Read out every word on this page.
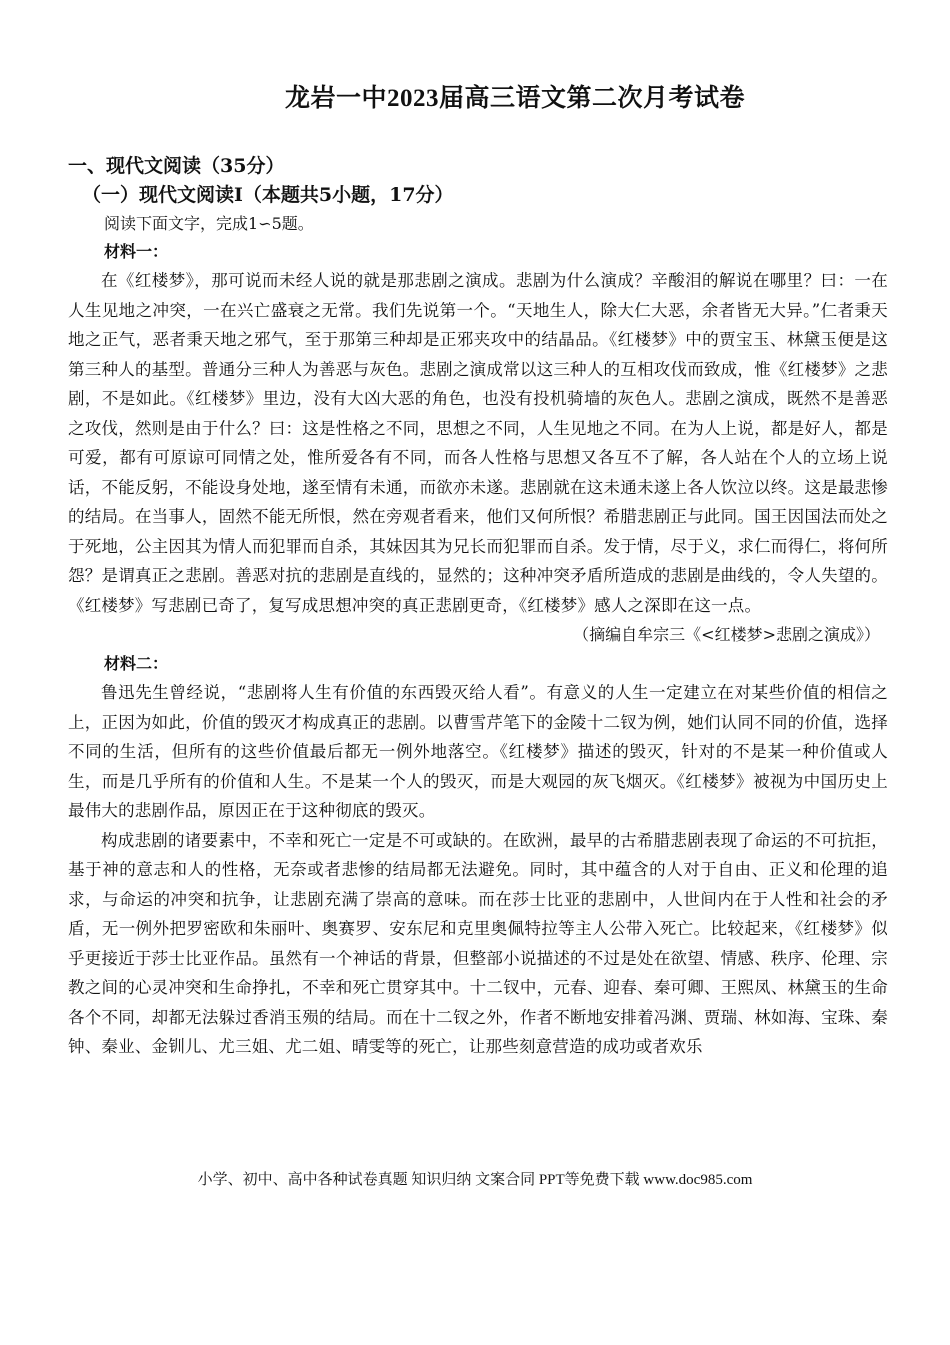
龙岩一中2023届高三语文第二次月考试卷
一、现代文阅读（35分）
（一）现代文阅读I（本题共5小题，17分）
阅读下面文字，完成1∽5题。
材料一：

在《红楼梦》，那可说而未经人说的就是那悲剧之演成。悲剧为什么演成？辛酸泪的解说在哪里？曰：一在人生见地之冲突，一在兴亡盛衰之无常。我们先说第一个。“天地生人，除大仁大恶，余者皆无大异。”仁者秉天地之正气，恶者秉天地之邪气，至于那第三种却是正邪夹攻中的结晶品。《红楼梦》中的贾宝玉、林黛玉便是这第三种人的基型。普通分三种人为善恶与灰色。悲剧之演成常以这三种人的互相攻伐而致成，惟《红楼梦》之悲剧，不是如此。《红楼梦》里边，没有大凶大恶的角色，也没有投机骑墙的灰色人。悲剧之演成，既然不是善恶之攻伐，然则是由于什么？曰：这是性格之不同，思想之不同，人生见地之不同。在为人上说，都是好人，都是可爱，都有可原谅可同情之处，惟所爱各有不同，而各人性格与思想又各互不了解，各人站在个人的立场上说话，不能反躬，不能设身处地，遂至情有未通，而欲亦未遂。悲剧就在这未通未遂上各人饮泣以终。这是最悲惨的结局。在当事人，固然不能无所恨，然在旁观者看来，他们又何所恨？希腊悲剧正与此同。国王因国法而处之于死地，公主因其为情人而犯罪而自杀，其妹因其为兄长而犯罪而自杀。发于情，尽于义，求仁而得仁，将何所怨？是谓真正之悲剧。善恶对抗的悲剧是直线的，显然的；这种冲突矛盾所造成的悲剧是曲线的，令人失望的。《红楼梦》写悲剧已奇了，复写成思想冲突的真正悲剧更奇，《红楼梦》感人之深即在这一点。

（摘编自牟宗三《<红楼梦>悲剧之演成》）
材料二：

鲁迅先生曾经说，“悲剧将人生有价值的东西毁灭给人看”。有意义的人生一定建立在对某些价值的相信之上，正因为如此，价值的毁灭才构成真正的悲剧。以曹雪芹笔下的金陵十二钗为例，她们认同不同的价值，选择不同的生活，但所有的这些价值最后都无一例外地落空。《红楼梦》描述的毁灭，针对的不是某一种价值或人生，而是几乎所有的价值和人生。不是某一个人的毁灭，而是大观园的灰飞烟灭。《红楼梦》被视为中国历史上最伟大的悲剧作品，原因正在于这种彻底的毁灭。

构成悲剧的诸要素中，不幸和死亡一定是不可或缺的。在欧洲，最早的古希腊悲剧表现了命运的不可抗拒，基于神的意志和人的性格，无奈或者悲惨的结局都无法避免。同时，其中蕴含的人对于自由、正义和伦理的追求，与命运的冲突和抗争，让悲剧充满了崇高的意味。而在莎士比亚的悲剧中，人世间内在于人性和社会的矛盾，无一例外把罗密欧和朱丽叶、奥赛罗、安东尼和克里奥佩特拉等主人公带入死亡。比较起来，《红楼梦》似乎更接近于莎士比亚作品。虽然有一个神话的背景，但整部小说描述的不过是处在欲望、情感、秩序、伦理、宗教之间的心灵冲突和生命挣扎，不幸和死亡贯穿其中。十二钗中，元春、迎春、秦可卿、王熙凤、林黛玉的生命各个不同，却都无法躲过香消玉殒的结局。而在十二钗之外，作者不断地安排着冯渊、贾瑞、林如海、宝珠、秦钟、秦业、金钏儿、尤三姐、尤二姐、晴雯等的死亡，让那些刻意营造的成功或者欢乐

小学、初中、高中各种试卷真题 知识归纳 文案合同 PPT等免费下载 www.doc985.com
